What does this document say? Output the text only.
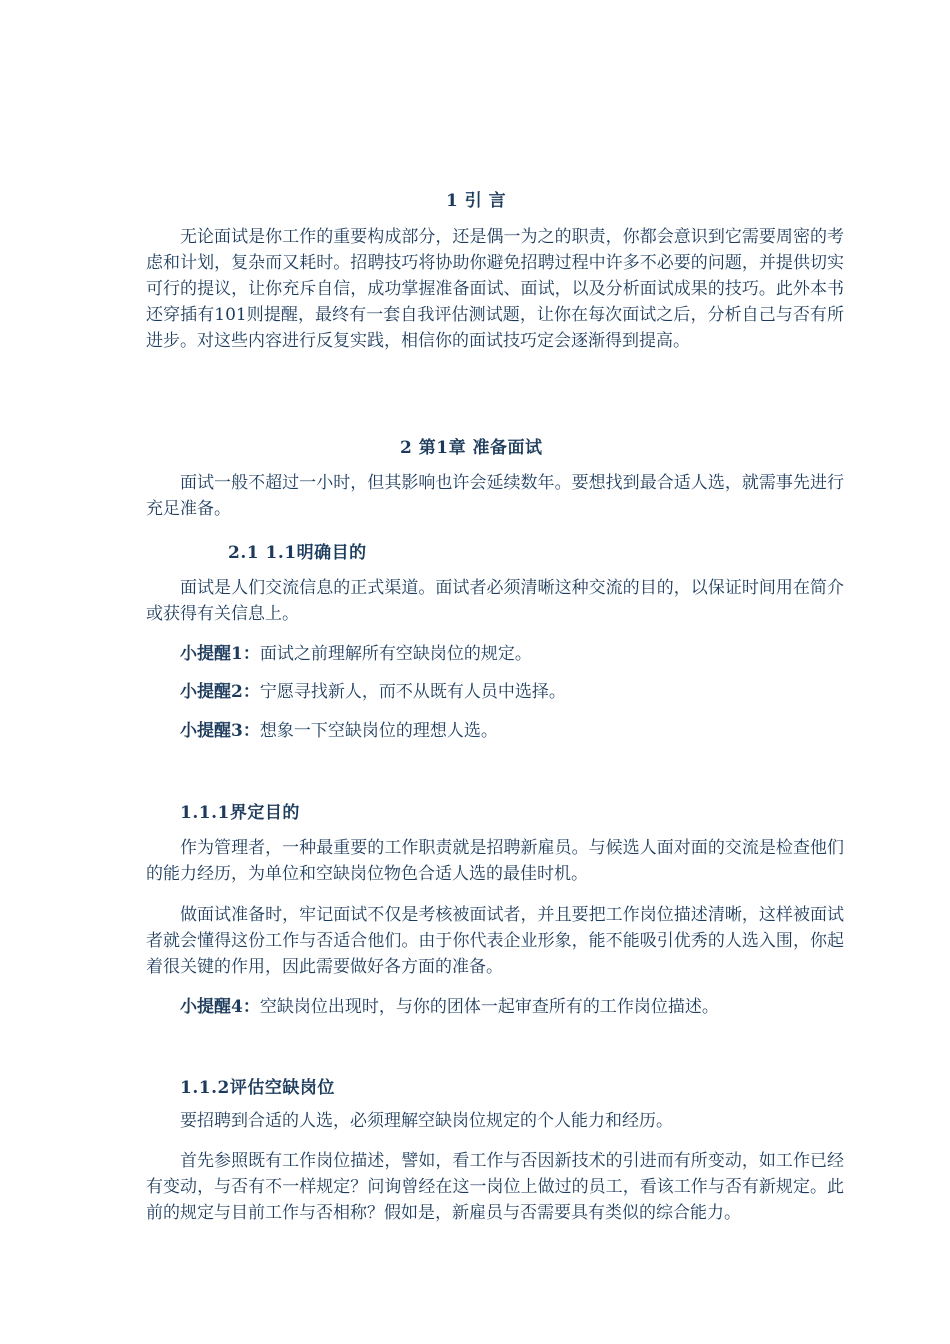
1 引 言
无论面试是你工作的重要构成部分，还是偶一为之的职责，你都会意识到它需要周密的考虑和计划，复杂而又耗时。招聘技巧将协助你避免招聘过程中许多不必要的问题，并提供切实可行的提议，让你充斥自信，成功掌握准备面试、面试，以及分析面试成果的技巧。此外本书还穿插有101则提醒，最终有一套自我评估测试题，让你在每次面试之后，分析自己与否有所进步。对这些内容进行反复实践，相信你的面试技巧定会逐渐得到提高。
2 第1章 准备面试
面试一般不超过一小时，但其影响也许会延续数年。要想找到最合适人选，就需事先进行充足准备。
2.1 1.1明确目的
面试是人们交流信息的正式渠道。面试者必须清晰这种交流的目的，以保证时间用在简介或获得有关信息上。
小提醒1：面试之前理解所有空缺岗位的规定。
小提醒2：宁愿寻找新人，而不从既有人员中选择。
小提醒3：想象一下空缺岗位的理想人选。
1.1.1界定目的
作为管理者，一种最重要的工作职责就是招聘新雇员。与候选人面对面的交流是检查他们的能力经历，为单位和空缺岗位物色合适人选的最佳时机。
做面试准备时，牢记面试不仅是考核被面试者，并且要把工作岗位描述清晰，这样被面试者就会懂得这份工作与否适合他们。由于你代表企业形象，能不能吸引优秀的人选入围，你起着很关键的作用，因此需要做好各方面的准备。
小提醒4：空缺岗位出现时，与你的团体一起审查所有的工作岗位描述。
1.1.2评估空缺岗位
要招聘到合适的人选，必须理解空缺岗位规定的个人能力和经历。
首先参照既有工作岗位描述，譬如，看工作与否因新技术的引进而有所变动，如工作已经有变动，与否有不一样规定？问询曾经在这一岗位上做过的员工，看该工作与否有新规定。此前的规定与目前工作与否相称？假如是，新雇员与否需要具有类似的综合能力。
